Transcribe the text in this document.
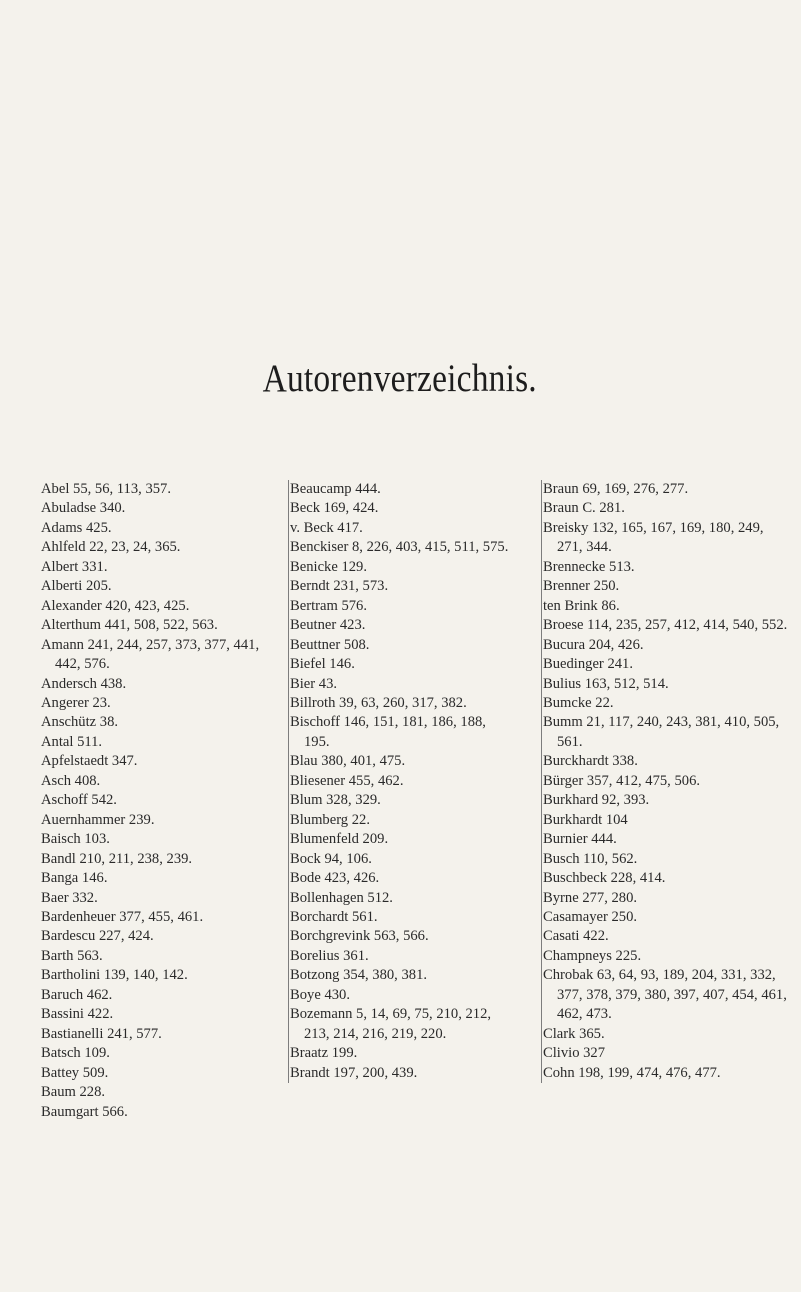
Autorenverzeichnis.

Abel 55, 56, 113, 357.

Abuladse 340.

Adams 425.

Ahlfeld 22, 23, 24, 365.

Albert 331.

Alberti 205.

Alexander 420, 423, 425.

Alterthum 441, 508, 522, 563.

Amann 241, 244, 257, 373, 377, 441, 442, 576.

Andersch 438.

Angerer 23.

Anschütz 38.

Antal 511.

Apfelstaedt 347.

Asch 408.

Aschoff 542.

Auernhammer 239.

Baisch 103.

Bandl 210, 211, 238, 239.

Banga 146.

Baer 332.

Bardenheuer 377, 455, 461.

Bardescu 227, 424.

Barth 563.

Bartholini 139, 140, 142.

Baruch 462.

Bassini 422.

Bastianelli 241, 577.

Batsch 109.

Battey 509.

Baum 228.

Baumgart 566.

Beaucamp 444.

Beck 169, 424.

v. Beck 417.

Benckiser 8, 226, 403, 415, 511, 575.

Benicke 129.

Berndt 231, 573.

Bertram 576.

Beutner 423.

Beuttner 508.

Biefel 146.

Bier 43.

Billroth 39, 63, 260, 317, 382.

Bischoff 146, 151, 181, 186, 188, 195.

Blau 380, 401, 475.

Bliesener 455, 462.

Blum 328, 329.

Blumberg 22.

Blumenfeld 209.

Bock 94, 106.

Bode 423, 426.

Bollenhagen 512.

Borchardt 561.

Borchgrevink 563, 566.

Borelius 361.

Botzong 354, 380, 381.

Boye 430.

Bozemann 5, 14, 69, 75, 210, 212, 213, 214, 216, 219, 220.

Braatz 199.

Brandt 197, 200, 439.

Braun 69, 169, 276, 277.

Braun C. 281.

Breisky 132, 165, 167, 169, 180, 249, 271, 344.

Brennecke 513.

Brenner 250.

ten Brink 86.

Broese 114, 235, 257, 412, 414, 540, 552.

Bucura 204, 426.

Buedinger 241.

Bulius 163, 512, 514.

Bumcke 22.

Bumm 21, 117, 240, 243, 381, 410, 505, 561.

Burckhardt 338.

Bürger 357, 412, 475, 506.

Burkhard 92, 393.

Burkhardt 104

Burnier 444.

Busch 110, 562.

Buschbeck 228, 414.

Byrne 277, 280.

Casamayer 250.

Casati 422.

Champneys 225.

Chrobak 63, 64, 93, 189, 204, 331, 332, 377, 378, 379, 380, 397, 407, 454, 461, 462, 473.

Clark 365.

Clivio 327

Cohn 198, 199, 474, 476, 477.
